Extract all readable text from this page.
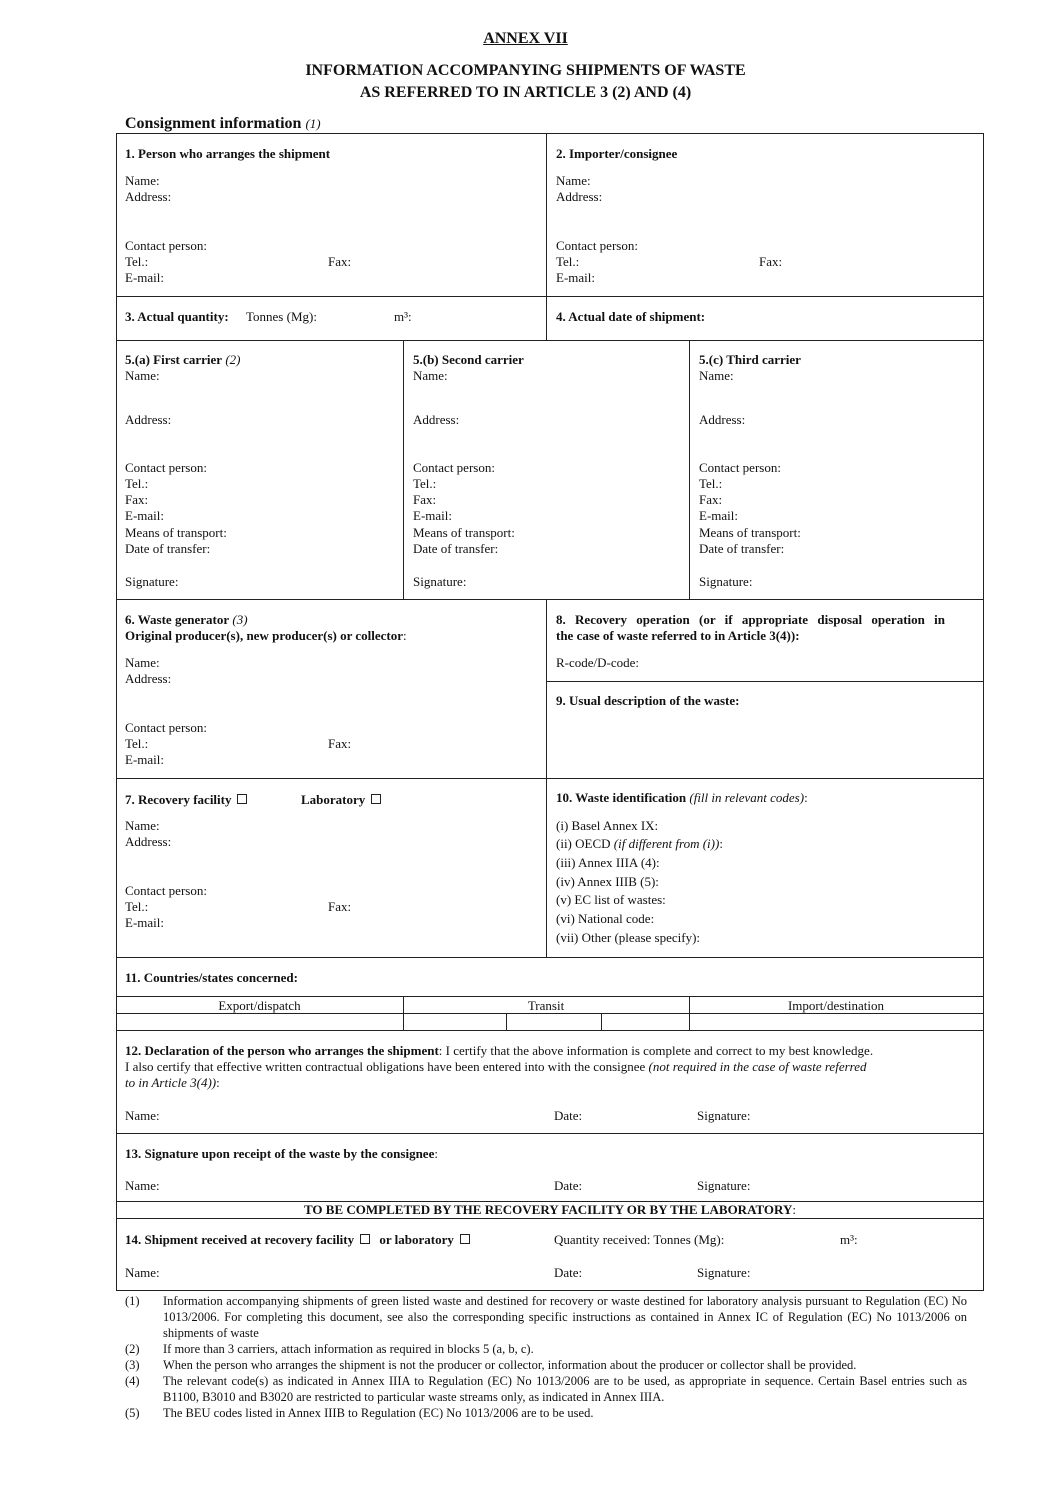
ANNEX VII
INFORMATION ACCOMPANYING SHIPMENTS OF WASTE
AS REFERRED TO IN ARTICLE 3 (2) AND (4)
Consignment information (1)
1. Person who arranges the shipment
Name:
Address:
Contact person:
Tel.:	Fax:
E-mail:
2. Importer/consignee
Name:
Address:
Contact person:
Tel.:	Fax:
E-mail:
3. Actual quantity: Tonnes (Mg):	m³:	4. Actual date of shipment:
5.(a) First carrier (2)
Name:
Address:
Contact person:
Tel.:
Fax:
E-mail:
Means of transport:
Date of transfer:
Signature:
5.(b) Second carrier
Name:
Address:
Contact person:
Tel.:
Fax:
E-mail:
Means of transport:
Date of transfer:
Signature:
5.(c) Third carrier
Name:
Address:
Contact person:
Tel.:
Fax:
E-mail:
Means of transport:
Date of transfer:
Signature:
6. Waste generator (3)
Original producer(s), new producer(s) or collector:
Name:
Address:
Contact person:
Tel.:	Fax:
E-mail:
8. Recovery operation (or if appropriate disposal operation in
the case of waste referred to in Article 3(4)):
R-code/D-code:
9. Usual description of the waste:
7. Recovery facility	Laboratory
Name:
Address:
Contact person:
Tel.:	Fax:
E-mail:
10. Waste identification (fill in relevant codes):
(i) Basel Annex IX:
(ii) OECD (if different from (i)):
(iii) Annex IIIA (4):
(iv) Annex IIIB (5):
(v) EC list of wastes:
(vi) National code:
(vii) Other (please specify):
11. Countries/states concerned:
Export/dispatch	Transit	Import/destination
12. Declaration of the person who arranges the shipment: I certify that the above information is complete and correct to my best knowledge.
I also certify that effective written contractual obligations have been entered into with the consignee (not required in the case of waste referred
to in Article 3(4)):
Name:	Date:	Signature:
13. Signature upon receipt of the waste by the consignee:
Name:	Date:	Signature:
TO BE COMPLETED BY THE RECOVERY FACILITY OR BY THE LABORATORY:
14. Shipment received at recovery facility or laboratory	Quantity received: Tonnes (Mg):	m³:
Name:	Date:	Signature:
(1)	Information accompanying shipments of green listed waste and destined for recovery or waste destined for laboratory analysis pursuant to Regulation (EC) No 1013/2006. For completing this document, see also the corresponding specific instructions as contained in Annex IC of Regulation (EC) No 1013/2006 on shipments of waste
(2)	If more than 3 carriers, attach information as required in blocks 5 (a, b, c).
(3)	When the person who arranges the shipment is not the producer or collector, information about the producer or collector shall be provided.
(4)	The relevant code(s) as indicated in Annex IIIA to Regulation (EC) No 1013/2006 are to be used, as appropriate in sequence. Certain Basel entries such as B1100, B3010 and B3020 are restricted to particular waste streams only, as indicated in Annex IIIA.
(5)	The BEU codes listed in Annex IIIB to Regulation (EC) No 1013/2006 are to be used.
